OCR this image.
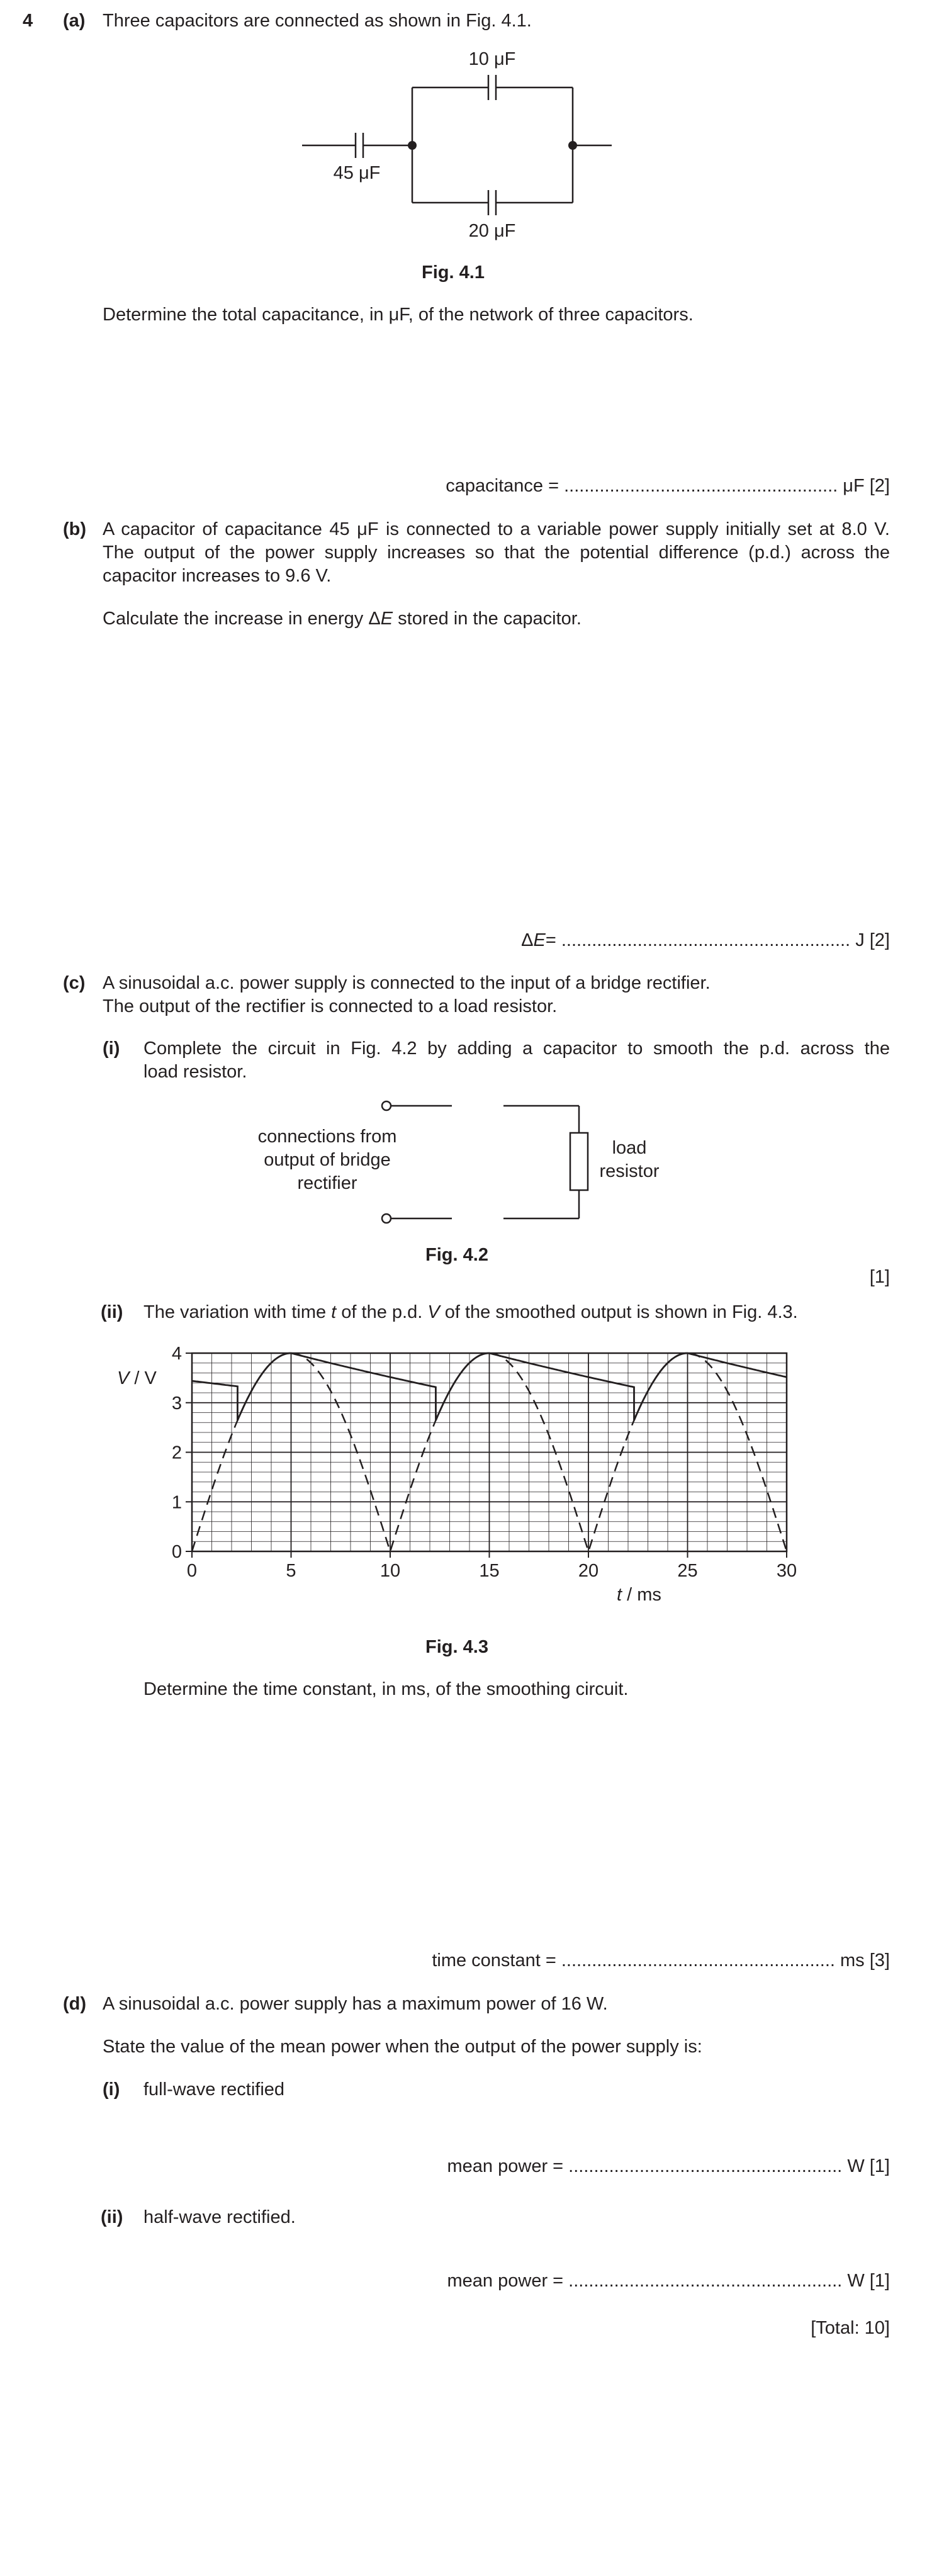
4 (a) Three capacitors are connected as shown in Fig. 4.1.
10 μF
45 μF
20 μF
Fig. 4.1
Determine the total capacitance, in μF, of the network of three capacitors.
capacitance =
......................................................
μF
[2]
(b) A capacitor of capacitance 45 μF is connected to a variable power supply initially set at 8.0 V.
The output of the power supply increases so that the potential difference (p.d.) across the
capacitor increases to 9.6 V.
Calculate the increase in energy ΔE stored in the capacitor.
ΔE=
.........................................................
J
[2]
(c) A sinusoidal a.c. power supply is connected to the input of a bridge rectifier.
The output of the rectifier is connected to a load resistor.
(i) Complete the circuit in Fig. 4.2 by adding a capacitor to smooth the p.d. across the
load resistor.
connections from
output of bridge
rectifier
load
resistor
Fig. 4.2
[1]
(ii) The variation with time t of the p.d. V of the smoothed output is shown in Fig. 4.3.
0	5	10	15	20	25	30
0
1
2
3
4
V / V
t / ms
Fig. 4.3
Determine the time constant, in ms, of the smoothing circuit.
time constant =
......................................................
ms
[3]
(d) A sinusoidal a.c. power supply has a maximum power of 16 W.
State the value of the mean power when the output of the power supply is:
(i) full-wave rectified
mean power =
......................................................
W
[1]
(ii) half-wave rectified.
mean power =
......................................................
W
[1]
[Total: 10]
